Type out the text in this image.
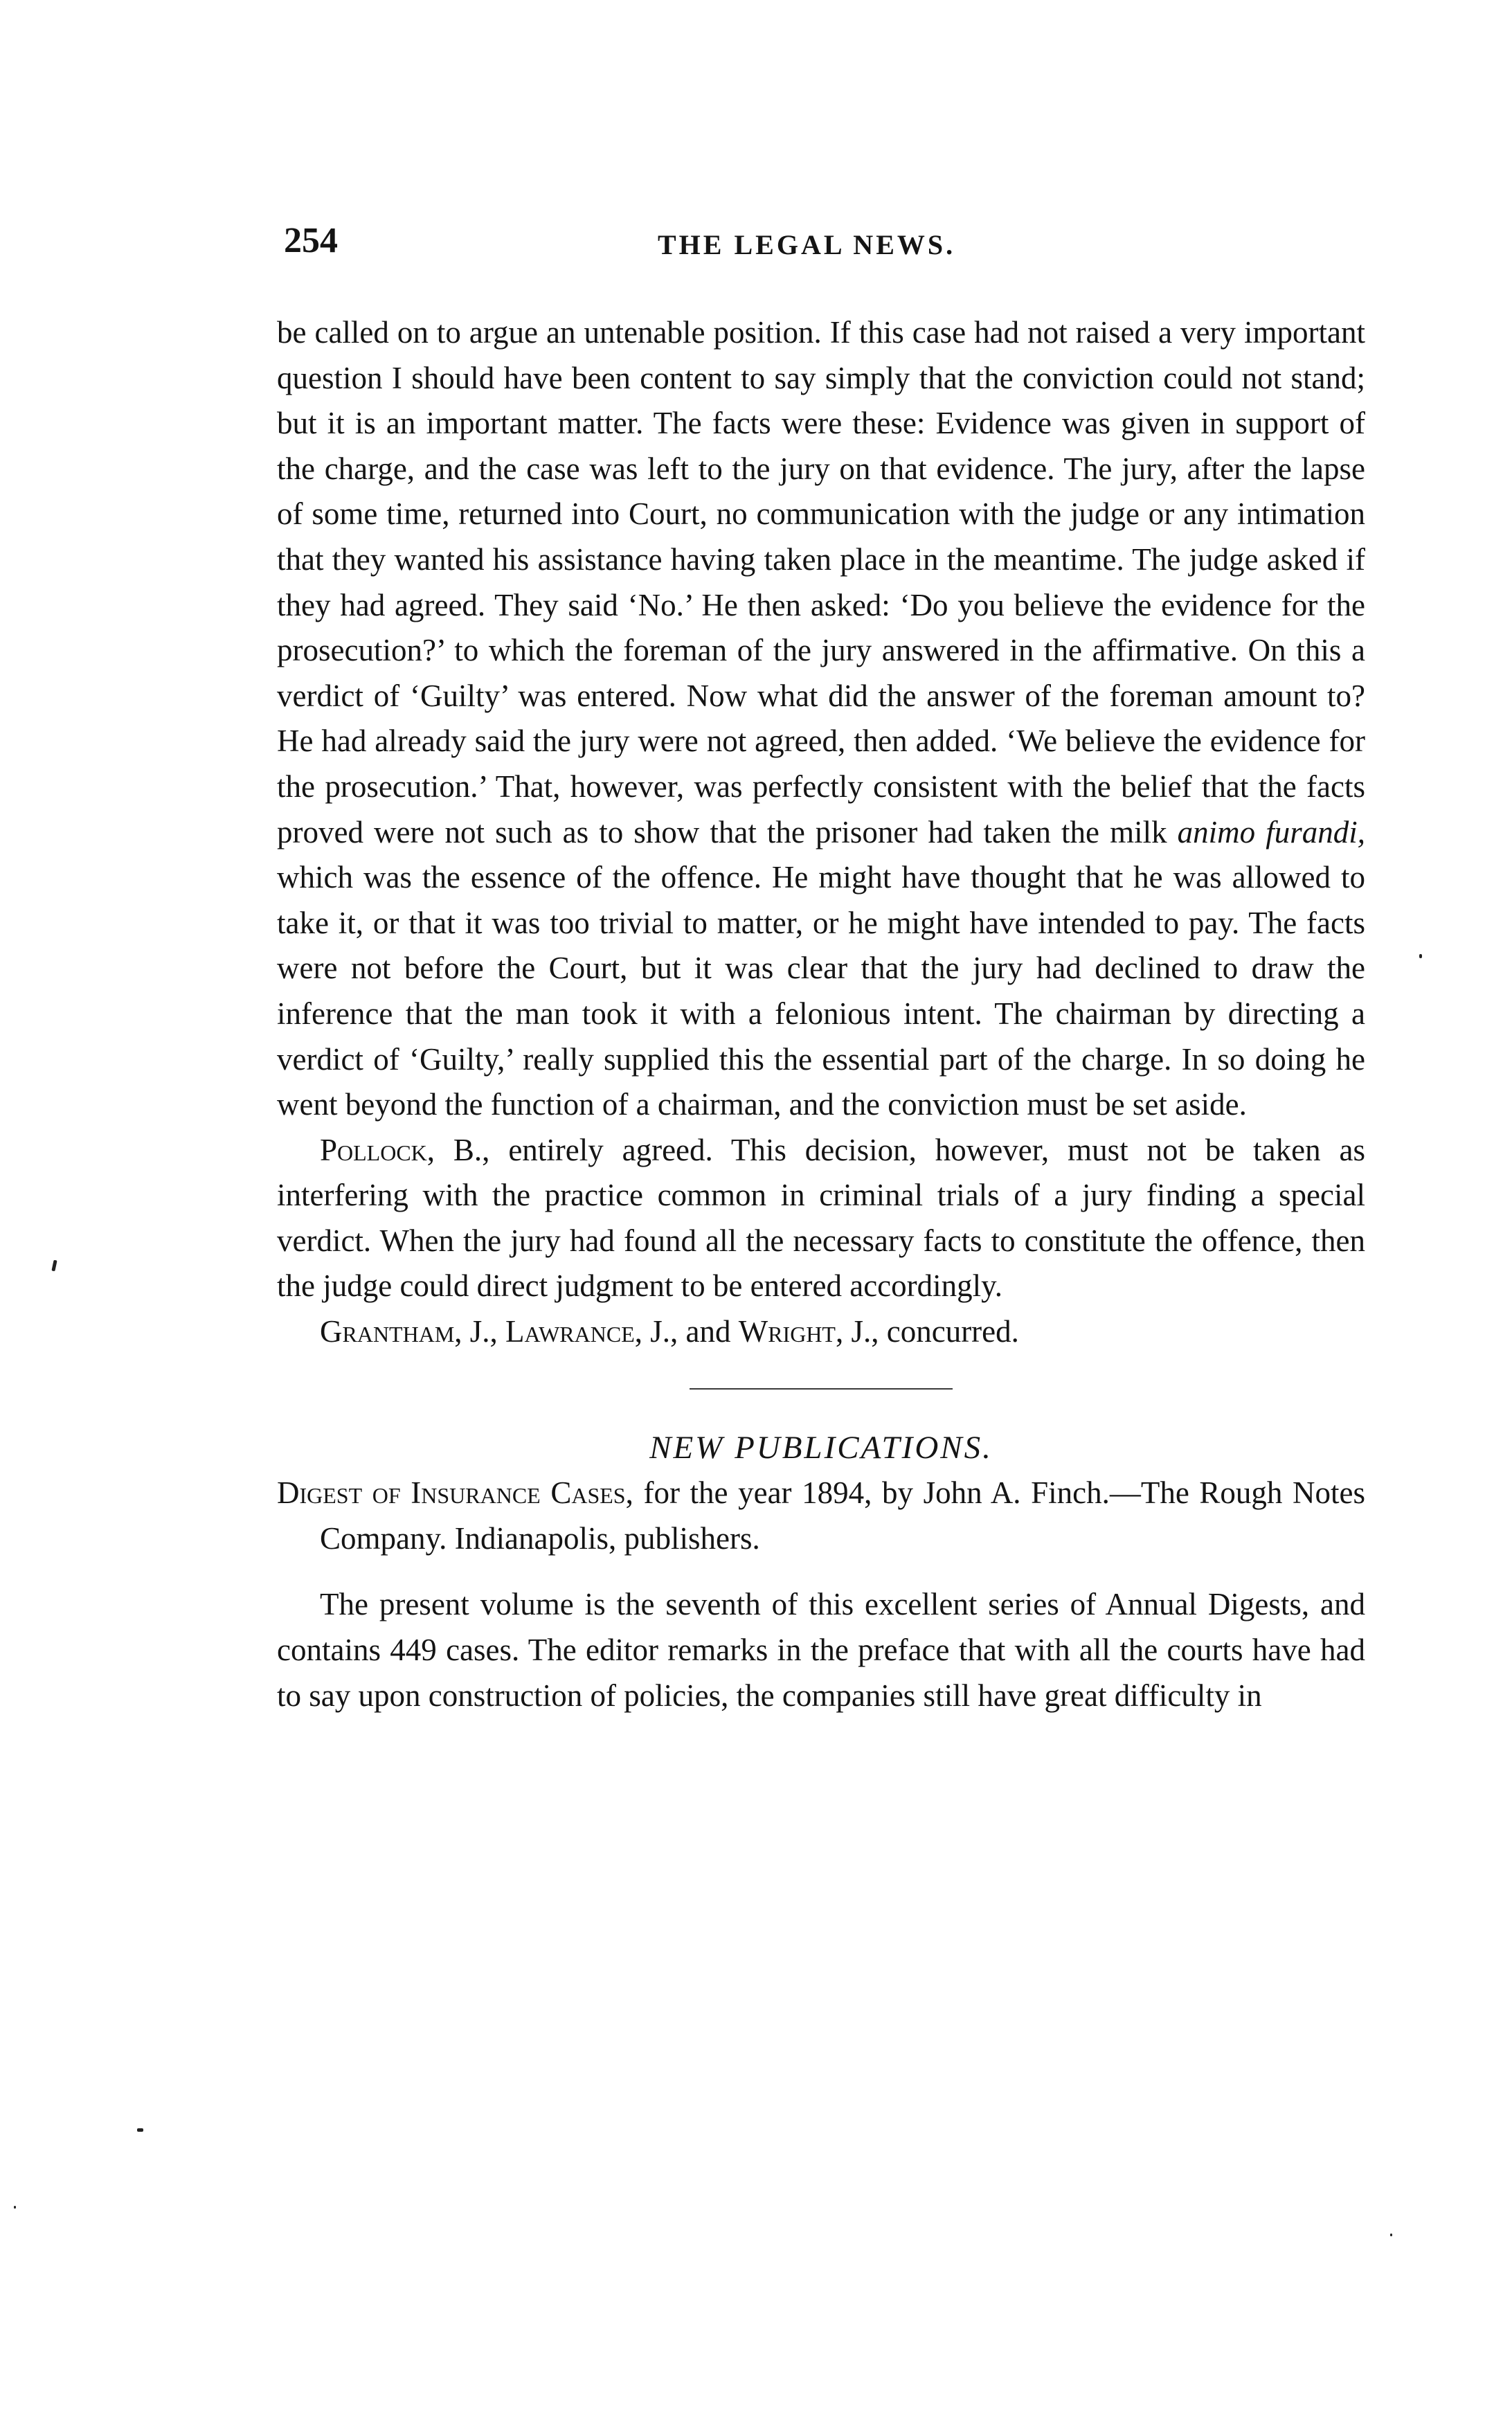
254	THE LEGAL NEWS.

be called on to argue an untenable position. If this case had not raised a very important question I should have been content to say simply that the conviction could not stand; but it is an important matter. The facts were these: Evidence was given in support of the charge, and the case was left to the jury on that evidence. The jury, after the lapse of some time, returned into Court, no communication with the judge or any intimation that they wanted his assistance having taken place in the meantime. The judge asked if they had agreed. They said ‘No.’ He then asked: ‘Do you believe the evidence for the prosecution?’ to which the foreman of the jury answered in the affirmative. On this a verdict of ‘Guilty’ was entered. Now what did the answer of the foreman amount to? He had already said the jury were not agreed, then added. ‘We believe the evidence for the prosecution.’ That, however, was perfectly consistent with the belief that the facts proved were not such as to show that the prisoner had taken the milk animo furandi, which was the essence of the offence. He might have thought that he was allowed to take it, or that it was too trivial to matter, or he might have intended to pay. The facts were not before the Court, but it was clear that the jury had declined to draw the inference that the man took it with a felonious intent. The chairman by directing a verdict of ‘Guilty,’ really supplied this the essential part of the charge. In so doing he went beyond the function of a chairman, and the conviction must be set aside.

Pollock, B., entirely agreed. This decision, however, must not be taken as interfering with the practice common in criminal trials of a jury finding a special verdict. When the jury had found all the necessary facts to constitute the offence, then the judge could direct judgment to be entered accordingly.

Grantham, J., Lawrance, J., and Wright, J., concurred.

NEW PUBLICATIONS.

Digest of Insurance Cases, for the year 1894, by John A. Finch.—The Rough Notes Company. Indianapolis, publishers.

The present volume is the seventh of this excellent series of Annual Digests, and contains 449 cases. The editor remarks in the preface that with all the courts have had to say upon construction of policies, the companies still have great difficulty in
